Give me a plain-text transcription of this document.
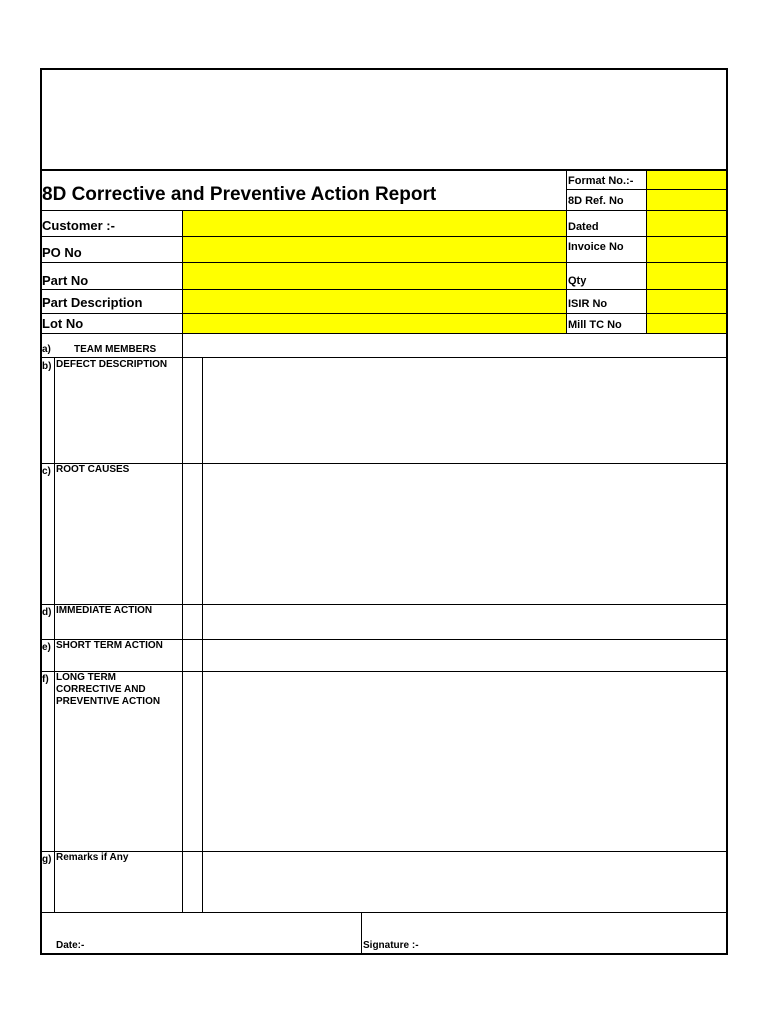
8D Corrective and Preventive Action Report
Customer :-
PO No
Part No
Part Description
Lot No
Format No.:-
8D Ref. No
Dated
Invoice No
Qty
ISIR No
Mill TC No
a) TEAM MEMBERS
b) DEFECT DESCRIPTION
c) ROOT CAUSES
d) IMMEDIATE ACTION
e) SHORT TERM ACTION
f) LONG TERM
CORRECTIVE AND
PREVENTIVE ACTION
g) Remarks if Any
Date:-	Signature :-
